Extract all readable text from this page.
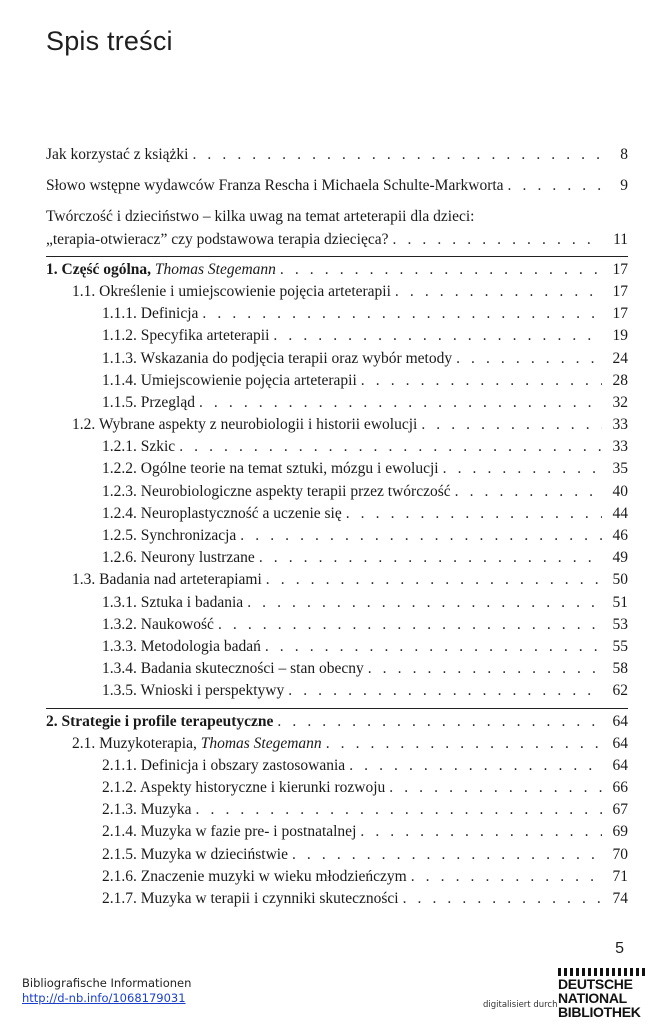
Spis treści
Jak korzystać z książki . . .	8
Słowo wstępne wydawców Franza Rescha i Michaela Schulte-Markworta . . .	9
Twórczość i dzieciństwo – kilka uwag na temat arteterapii dla dzieci:
„terapia-otwieracz” czy podstawowa terapia dziecięca? . . .	11
1. Część ogólna, Thomas Stegemann . . .	17
1.1. Określenie i umiejscowienie pojęcia arteterapii . . .	17
1.1.1. Definicja . . .	17
1.1.2. Specyfika arteterapii . . .	19
1.1.3. Wskazania do podjęcia terapii oraz wybór metody . . .	24
1.1.4. Umiejscowienie pojęcia arteterapii . . .	28
1.1.5. Przegląd . . .	32
1.2. Wybrane aspekty z neurobiologii i historii ewolucji . . .	33
1.2.1. Szkic . . .	33
1.2.2. Ogólne teorie na temat sztuki, mózgu i ewolucji . . .	35
1.2.3. Neurobiologiczne aspekty terapii przez twórczość . . .	40
1.2.4. Neuroplastyczność a uczenie się . . .	44
1.2.5. Synchronizacja . . .	46
1.2.6. Neurony lustrzane . . .	49
1.3. Badania nad arteterapiami . . .	50
1.3.1. Sztuka i badania . . .	51
1.3.2. Naukowość . . .	53
1.3.3. Metodologia badań . . .	55
1.3.4. Badania skuteczności – stan obecny . . .	58
1.3.5. Wnioski i perspektywy . . .	62
2. Strategie i profile terapeutyczne . . .	64
2.1. Muzykoterapia, Thomas Stegemann . . .	64
2.1.1. Definicja i obszary zastosowania . . .	64
2.1.2. Aspekty historyczne i kierunki rozwoju . . .	66
2.1.3. Muzyka . . .	67
2.1.4. Muzyka w fazie pre- i postnatalnej . . .	69
2.1.5. Muzyka w dzieciństwie . . .	70
2.1.6. Znaczenie muzyki w wieku młodzieńczym . . .	71
2.1.7. Muzyka w terapii i czynniki skuteczności . . .	74
5
Bibliografische Informationen
http://d-nb.info/1068179031	digitalisiert durch
DEUTSCHE
NATIONAL
BIBLIOTHEK
